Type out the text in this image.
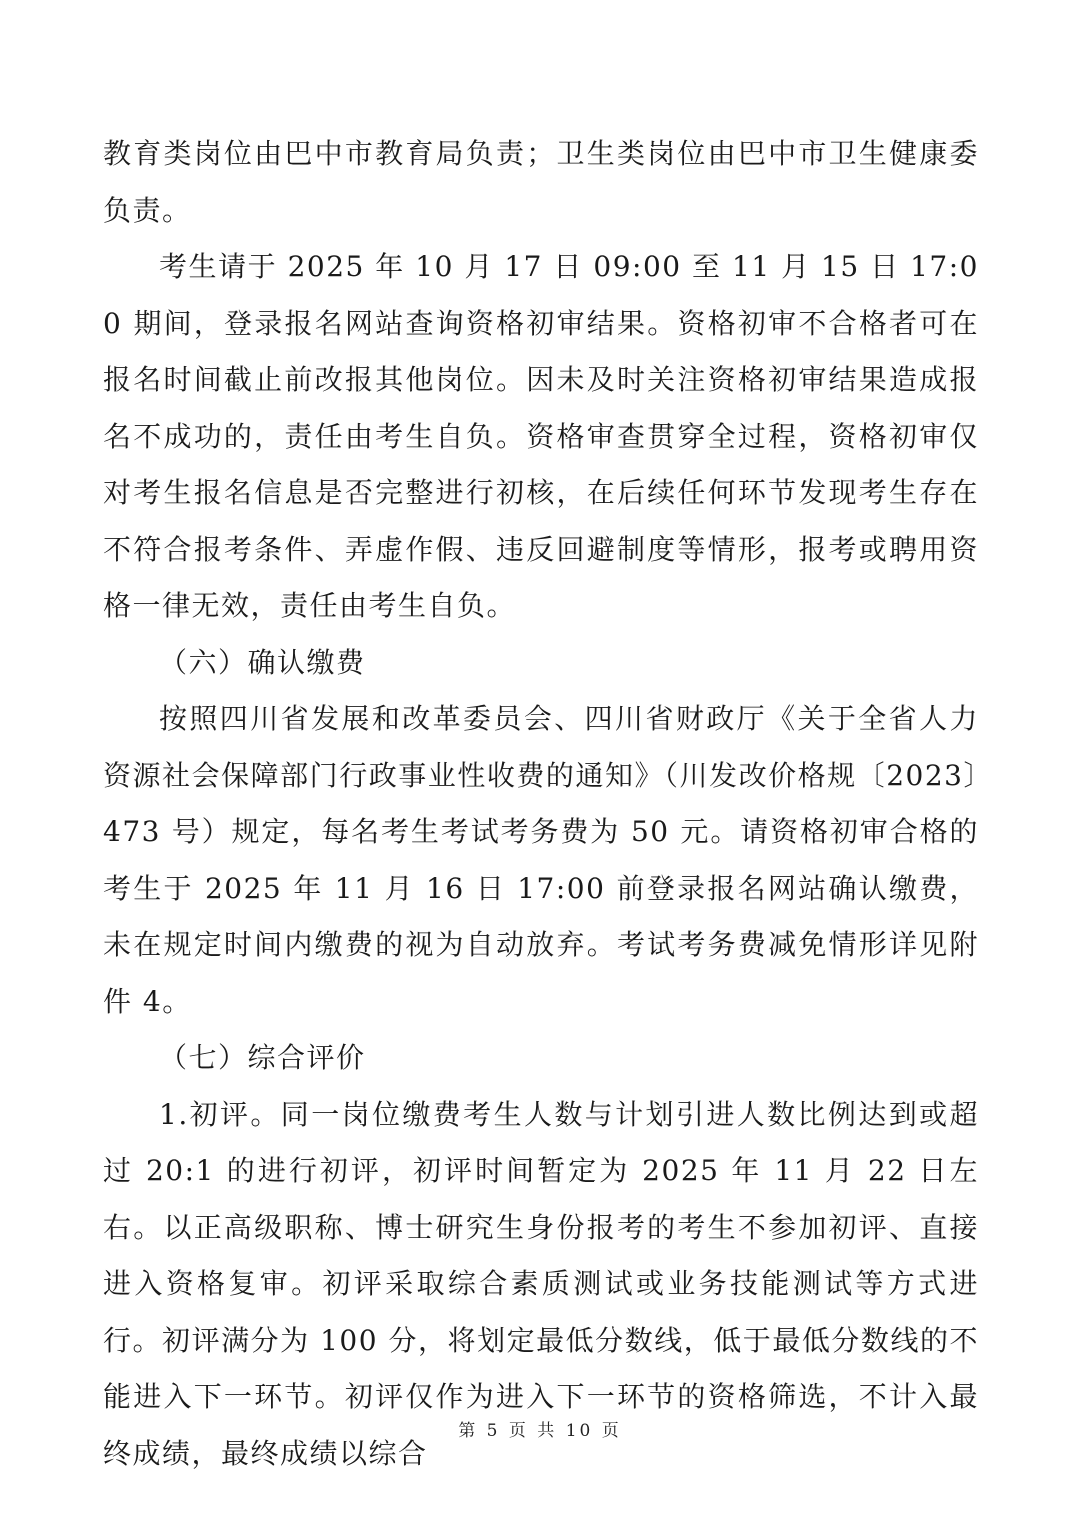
教育类岗位由巴中市教育局负责；卫生类岗位由巴中市卫生健康委负责。

考生请于 2025 年 10 月 17 日 09:00 至 11 月 15 日 17:00 期间，登录报名网站查询资格初审结果。资格初审不合格者可在报名时间截止前改报其他岗位。因未及时关注资格初审结果造成报名不成功的，责任由考生自负。资格审查贯穿全过程，资格初审仅对考生报名信息是否完整进行初核，在后续任何环节发现考生存在不符合报考条件、弄虚作假、违反回避制度等情形，报考或聘用资格一律无效，责任由考生自负。

（六）确认缴费

按照四川省发展和改革委员会、四川省财政厅《关于全省人力资源社会保障部门行政事业性收费的通知》（川发改价格规〔2023〕473 号）规定，每名考生考试考务费为 50 元。请资格初审合格的考生于 2025 年 11 月 16 日 17:00 前登录报名网站确认缴费，未在规定时间内缴费的视为自动放弃。考试考务费减免情形详见附件 4。

（七）综合评价

1.初评。同一岗位缴费考生人数与计划引进人数比例达到或超过 20:1 的进行初评，初评时间暂定为 2025 年 11 月 22 日左右。以正高级职称、博士研究生身份报考的考生不参加初评、直接进入资格复审。初评采取综合素质测试或业务技能测试等方式进行。初评满分为 100 分，将划定最低分数线，低于最低分数线的不能进入下一环节。初评仅作为进入下一环节的资格筛选，不计入最终成绩，最终成绩以综合

第 5 页 共 10 页
